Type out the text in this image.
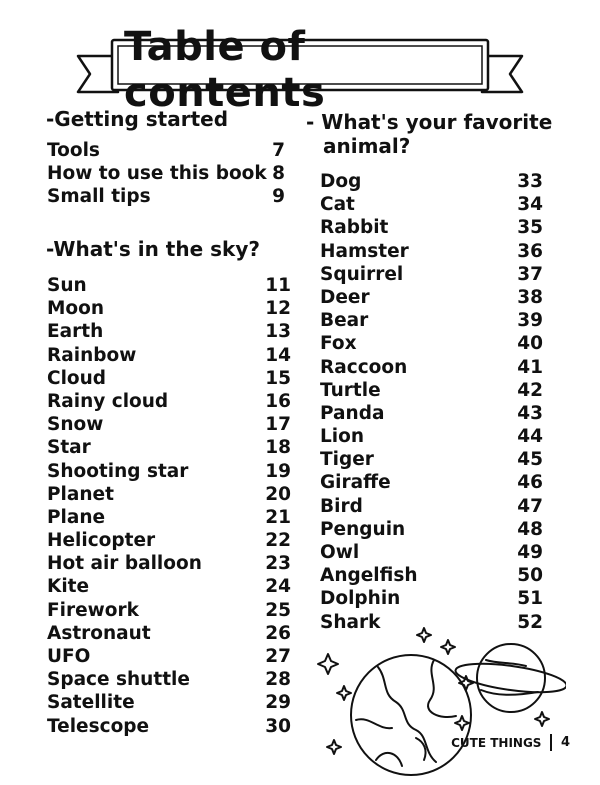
Table of contents
-Getting started
Tools	7
How to use this book 8
Small tips	9
-What's in the sky?
Sun	11
Moon	12
Earth	13
Rainbow	14
Cloud	15
Rainy cloud	16
Snow	17
Star	18
Shooting star	19
Planet	20
Plane	21
Helicopter	22
Hot air balloon	23
Kite	24
Firework	25
Astronaut	26
UFO	27
Space shuttle	28
Satellite	29
Telescope	30
- What's your favorite
animal?
Dog	33
Cat	34
Rabbit	35
Hamster	36
Squirrel	37
Deer	38
Bear	39
Fox	40
Raccoon	41
Turtle	42
Panda	43
Lion	44
Tiger	45
Giraffe	46
Bird	47
Penguin	48
Owl	49
Angelfish	50
Dolphin	51
Shark	52
CUTE THINGS 4
